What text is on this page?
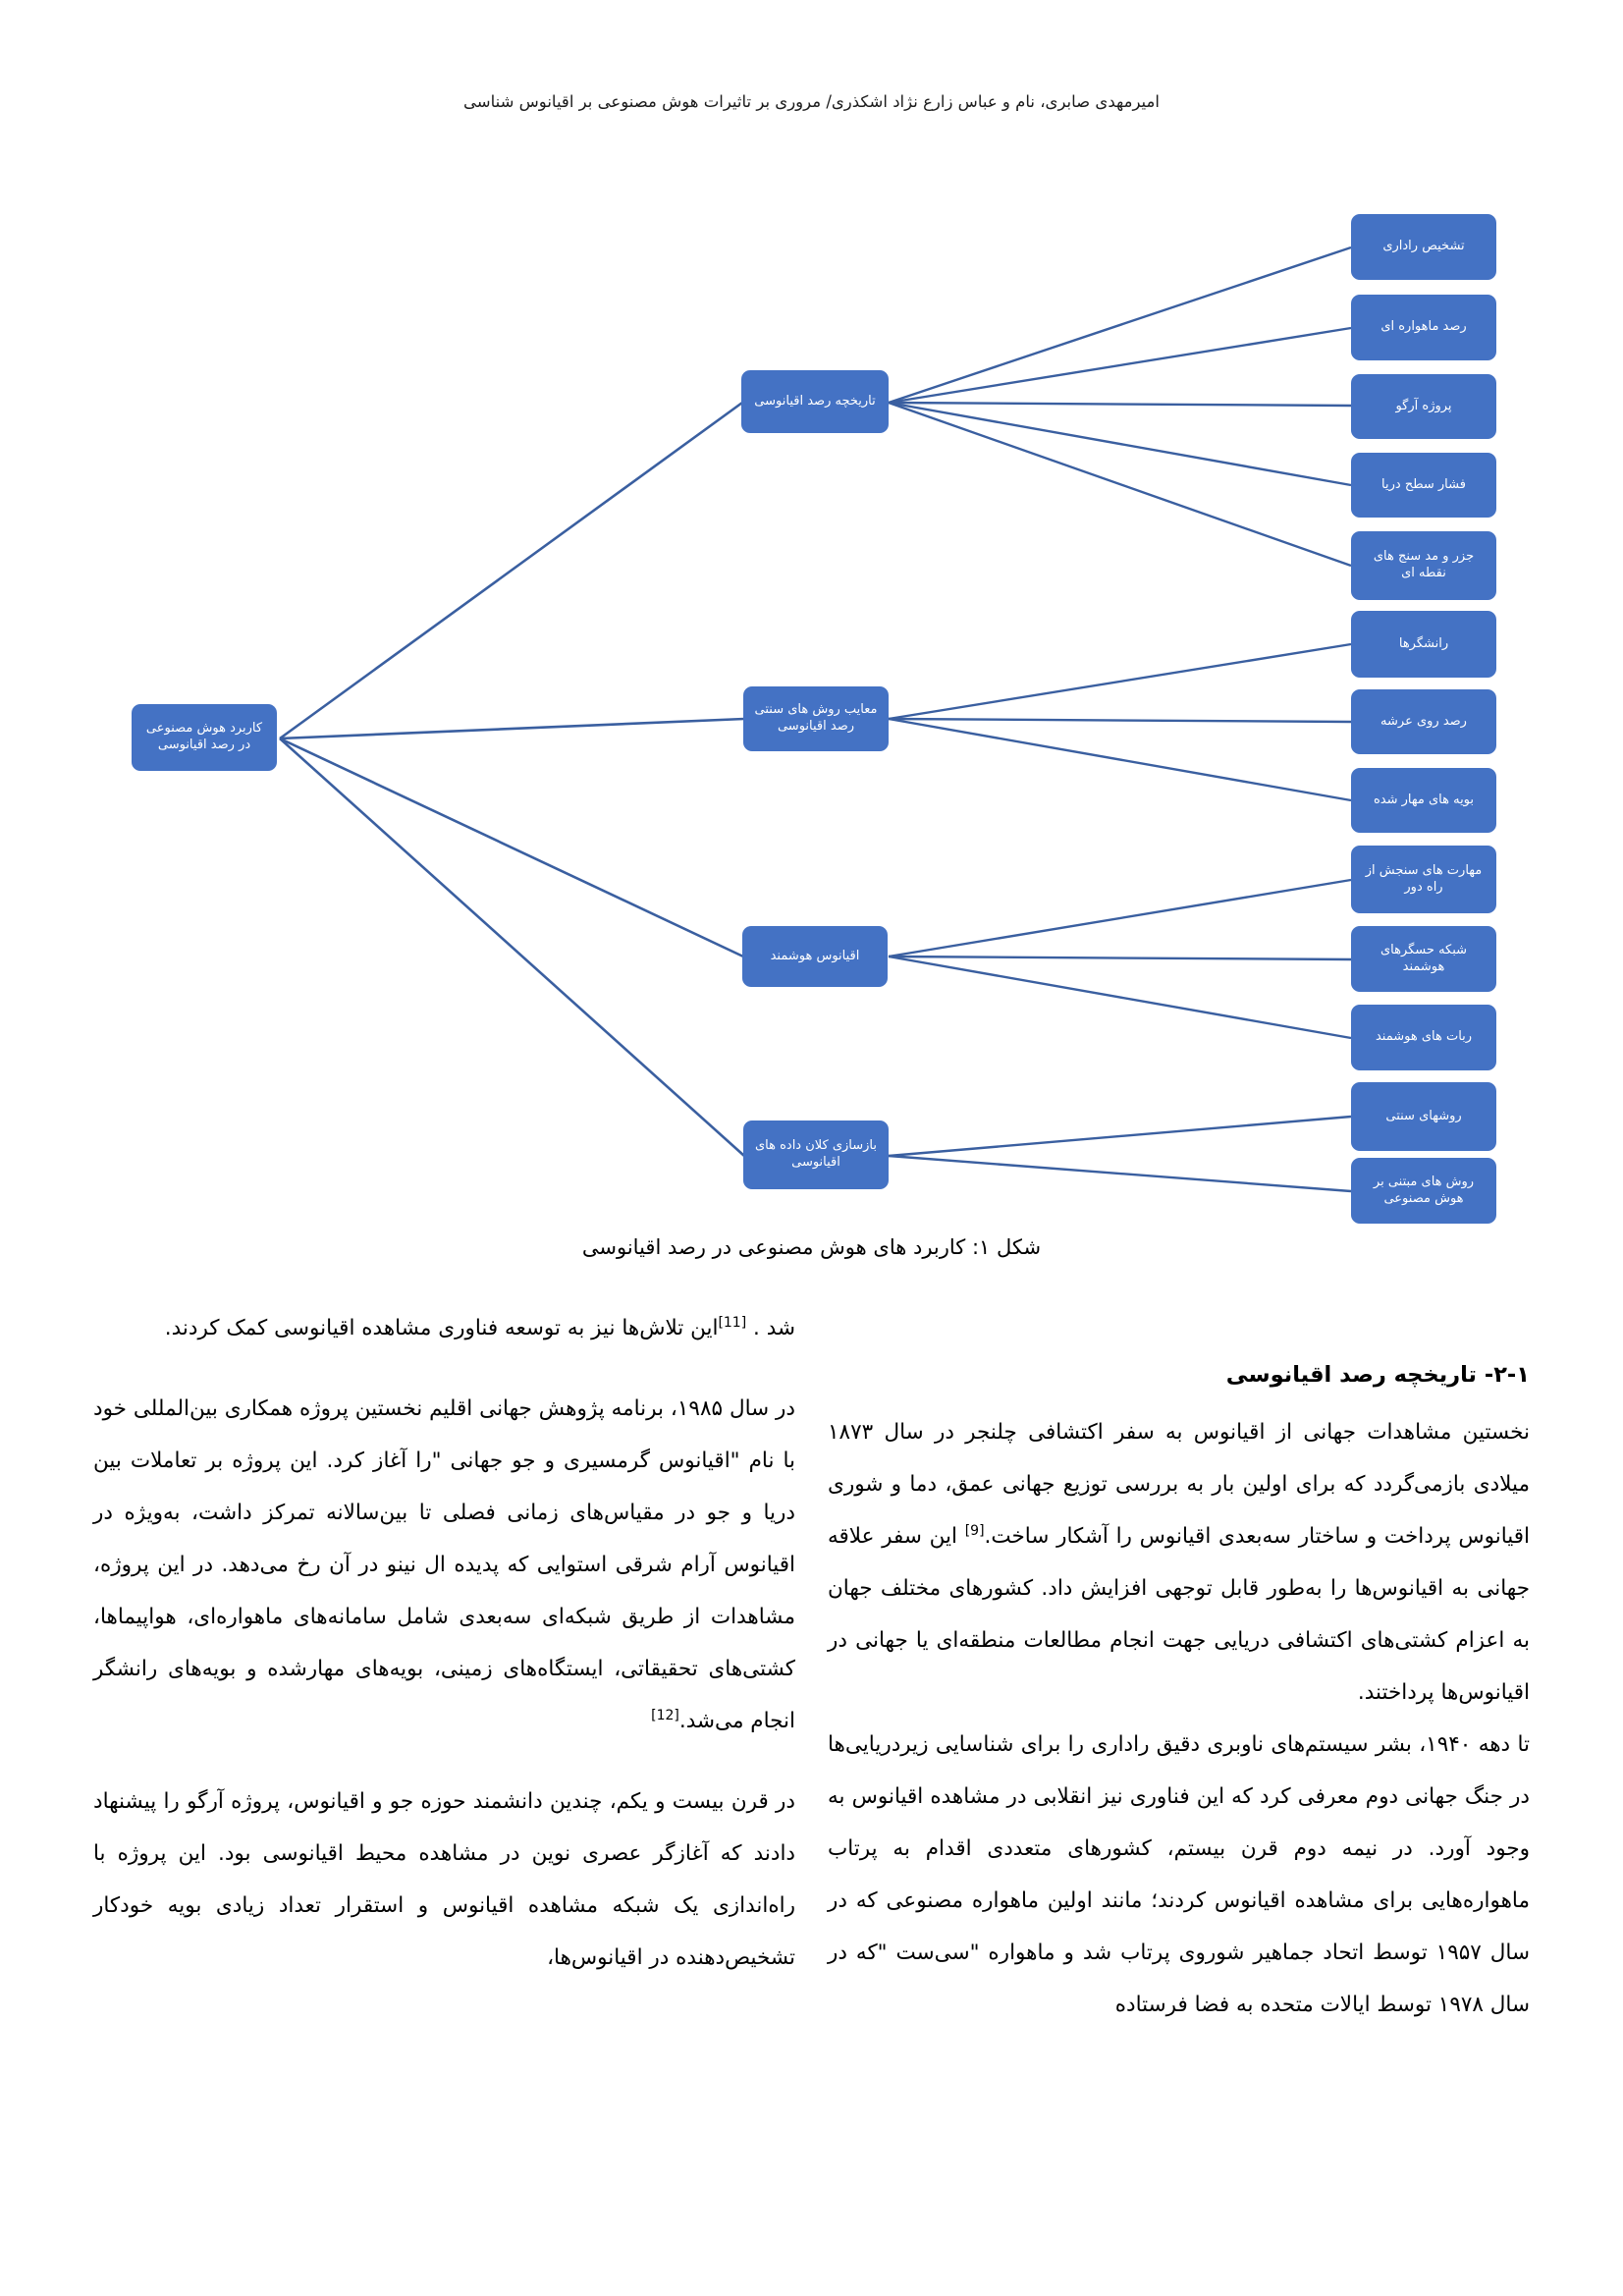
امیرمهدی صابری، نام و عباس زارع نژاد اشکذری/ مروری بر تاثیرات هوش مصنوعی بر اقیانوس شناسی
کاربرد هوش مصنوعی در رصد اقیانوسی
تاریخچه رصد اقیانوسی
معایب روش های سنتی رصد اقیانوسی
اقیانوس هوشمند
بازسازی کلان داده های اقیانوسی
تشخیص راداری
رصد ماهواره ای
پروژه آرگو
فشار سطح دریا
جزر و مد سنج های نقطه ای
رانشگرها
رصد روی عرشه
بویه های مهار شده
مهارت های سنجش از راه دور
شبکه حسگرهای هوشمند
ربات های هوشمند
روشهای سنتی
روش های مبتنی بر هوش مصنوعی
شکل ۱: کاربرد های هوش مصنوعی در رصد اقیانوسی
۲-۱- تاریخچه رصد اقیانوسی

نخستین مشاهدات جهانی از اقیانوس به سفر اکتشافی چلنجر در سال ۱۸۷۳ میلادی بازمی‌گردد که برای اولین بار به بررسی توزیع جهانی عمق، دما و شوری اقیانوس پرداخت و ساختار سه‌بعدی اقیانوس را آشکار ساخت.[9] این سفر علاقه جهانی به اقیانوس‌ها را به‌طور قابل توجهی افزایش داد. کشورهای مختلف جهان به اعزام کشتی‌های اکتشافی دریایی جهت انجام مطالعات منطقه‌ای یا جهانی در اقیانوس‌ها پرداختند.

تا دهه ۱۹۴۰، بشر سیستم‌های ناوبری دقیق راداری را برای شناسایی زیردریایی‌ها در جنگ جهانی دوم معرفی کرد که این فناوری نیز انقلابی در مشاهده اقیانوس به وجود آورد. در نیمه دوم قرن بیستم، کشورهای متعددی اقدام به پرتاب ماهواره‌هایی برای مشاهده اقیانوس کردند؛ مانند اولین ماهواره مصنوعی که در سال ۱۹۵۷ توسط اتحاد جماهیر شوروی پرتاب شد و ماهواره "سی‌ست "که در سال ۱۹۷۸ توسط ایالات متحده به فضا فرستاده

شد . [11]این تلاش‌ها نیز به توسعه فناوری مشاهده اقیانوسی کمک کردند.

در سال ۱۹۸۵، برنامه پژوهش جهانی اقلیم نخستین پروژه همکاری بین‌المللی خود با نام "اقیانوس گرمسیری و جو جهانی "را آغاز کرد. این پروژه بر تعاملات بین دریا و جو در مقیاس‌های زمانی فصلی تا بین‌سالانه تمرکز داشت، به‌ویژه در اقیانوس آرام شرقی استوایی که پدیده ال نینو در آن رخ می‌دهد. در این پروژه، مشاهدات از طریق شبکه‌ای سه‌بعدی شامل سامانه‌های ماهواره‌ای، هواپیماها، کشتی‌های تحقیقاتی، ایستگاه‌های زمینی، بویه‌های مهارشده و بویه‌های رانشگر انجام می‌شد.[12]

در قرن بیست و یکم، چندین دانشمند حوزه جو و اقیانوس، پروژه آرگو را پیشنهاد دادند که آغازگر عصری نوین در مشاهده محیط اقیانوسی بود. این پروژه با راه‌اندازی یک شبکه مشاهده اقیانوس و استقرار تعداد زیادی بویه خودکار تشخیص‌دهنده در اقیانوس‌ها،
